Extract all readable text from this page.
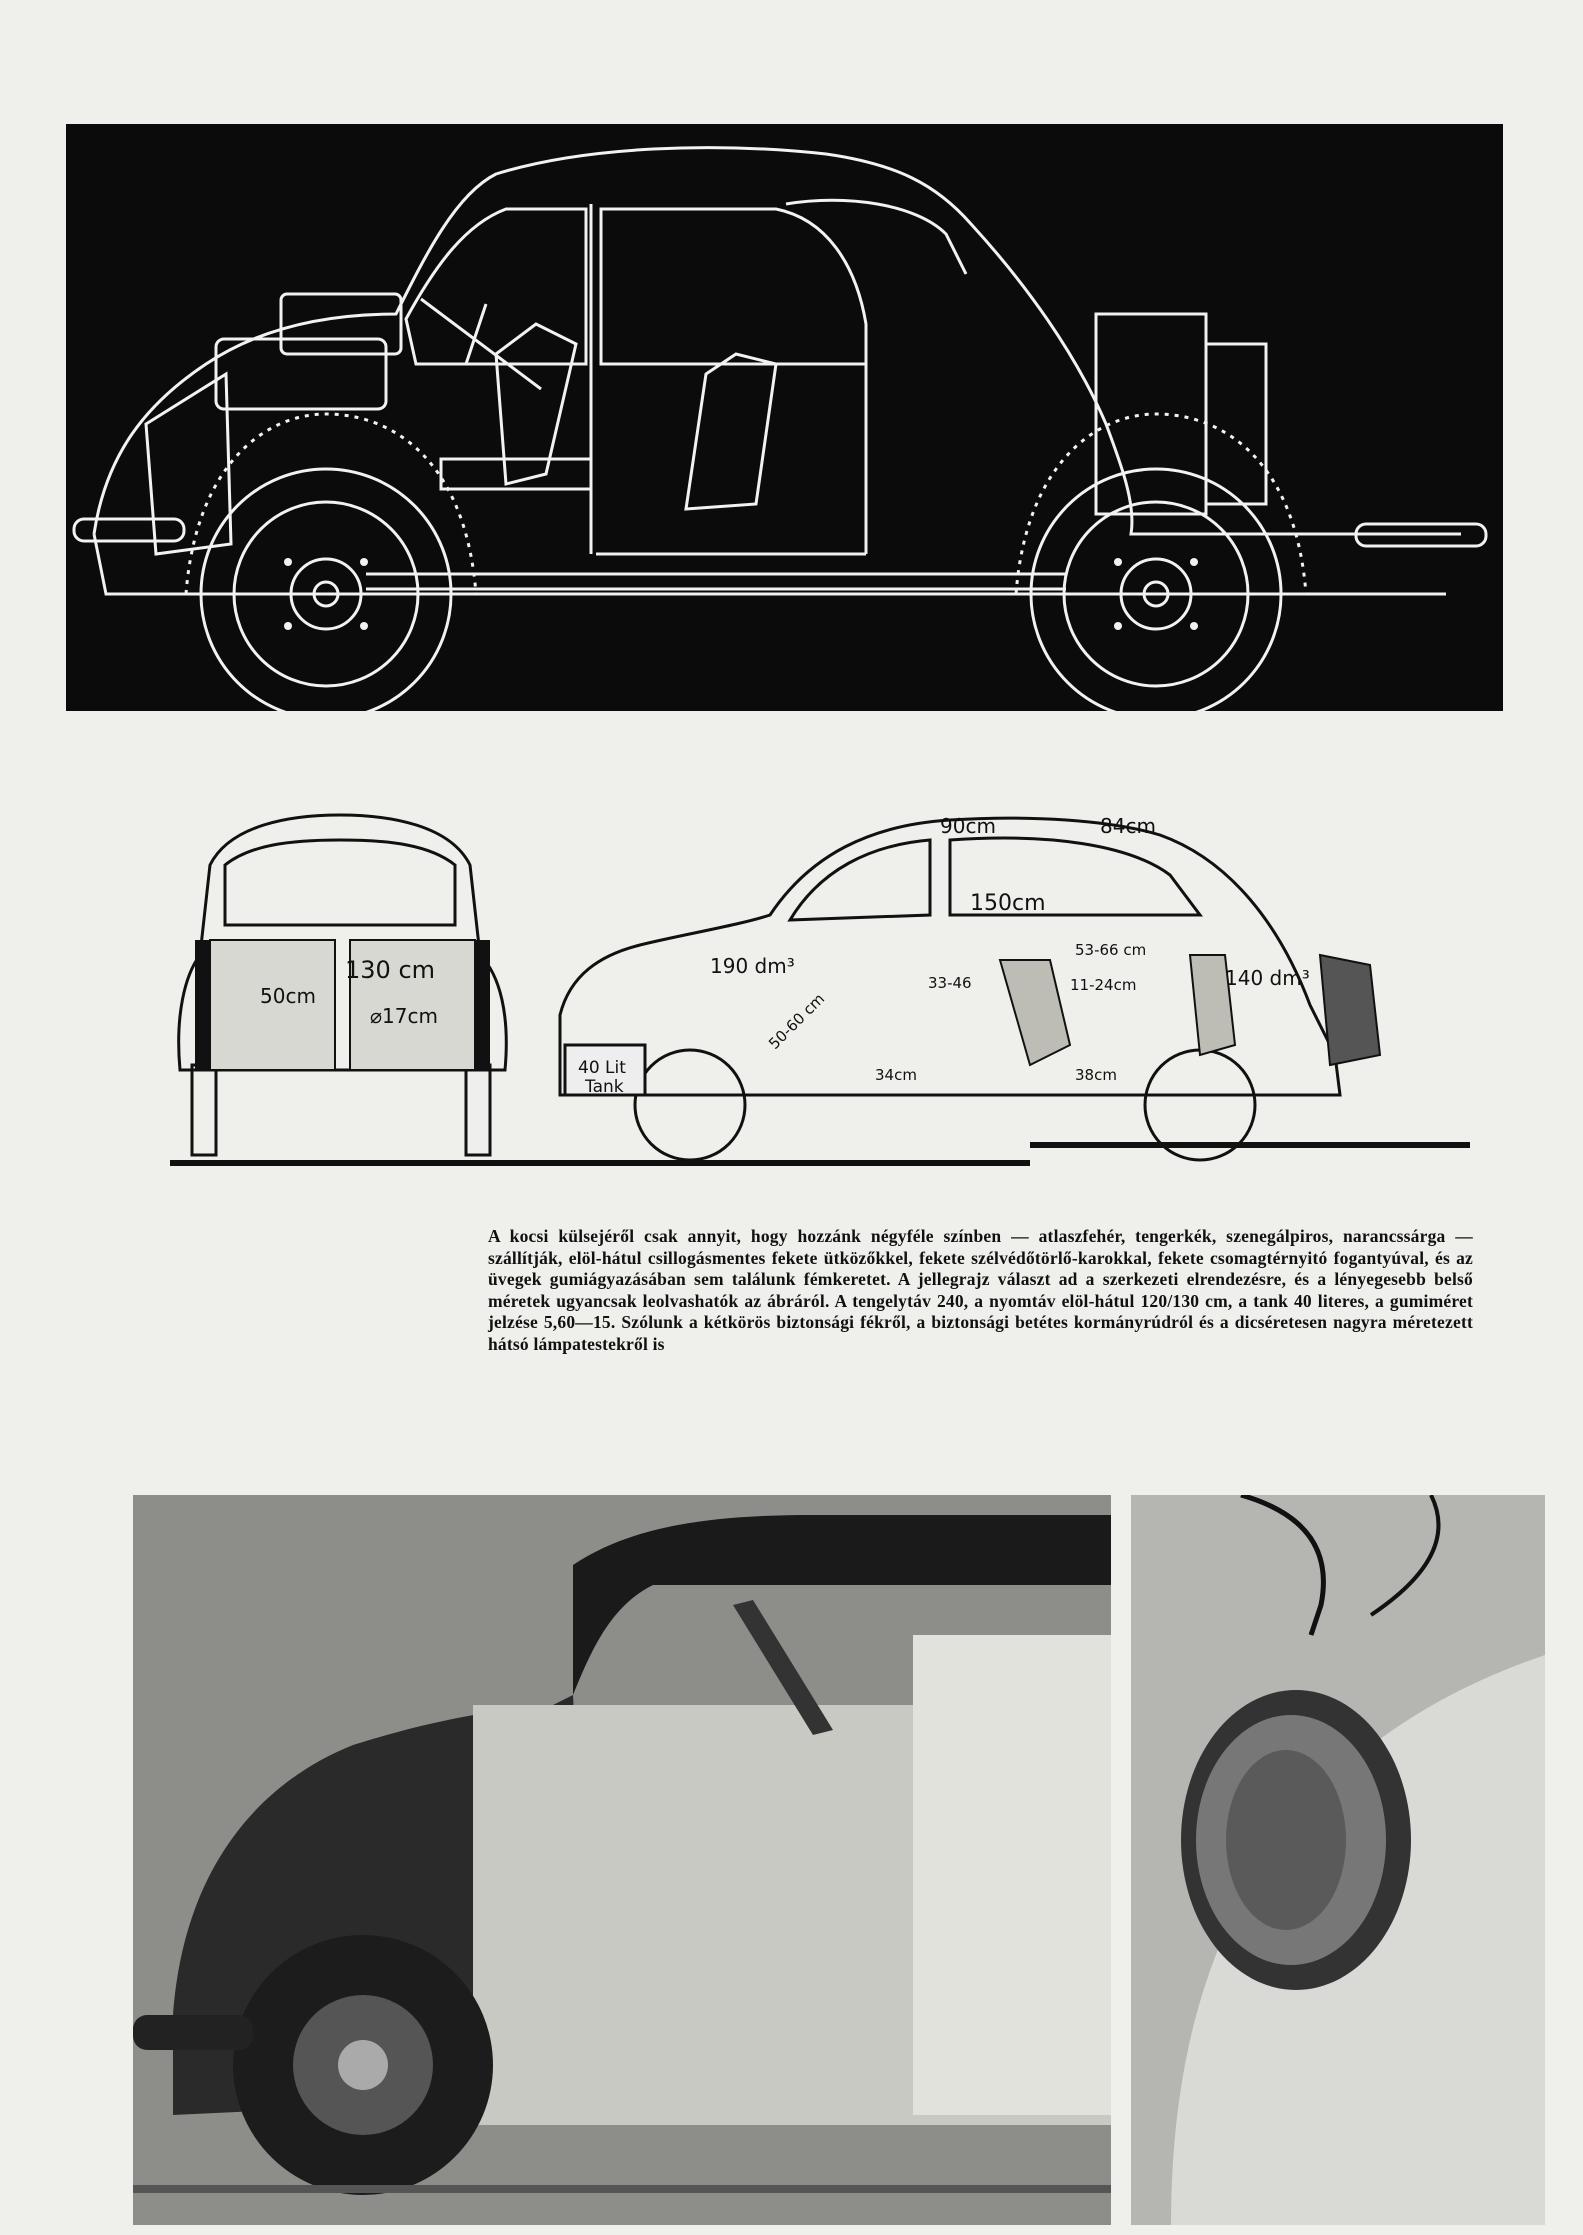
130 cm
50cm
⌀17cm
90cm	84cm
150cm
190 dm³	140 dm³
50-60 cm
33-46
53-66 cm
11-24cm
34cm	38cm
40 Lit
Tank
A kocsi külsejéről csak annyit, hogy hozzánk négyféle színben — atlaszfehér, tengerkék, szenegálpiros, narancssárga — szállítják, elöl-hátul csillogásmentes fekete ütközőkkel, fekete szélvédőtörlő-karokkal, fekete csomagtérnyitó fogantyúval, és az üvegek gumiágyazásában sem találunk fémkeretet. A jellegrajz választ ad a szerkezeti elrendezésre, és a lényegesebb belső méretek ugyancsak leolvashatók az ábráról. A tengelytáv 240, a nyomtáv elöl-hátul 120/130 cm, a tank 40 literes, a gumiméret jelzése 5,60—15. Szólunk a kétkörös biztonsági fékről, a biztonsági betétes kormányrúdról és a dicséretesen nagyra méretezett hátsó lámpatestekről is
